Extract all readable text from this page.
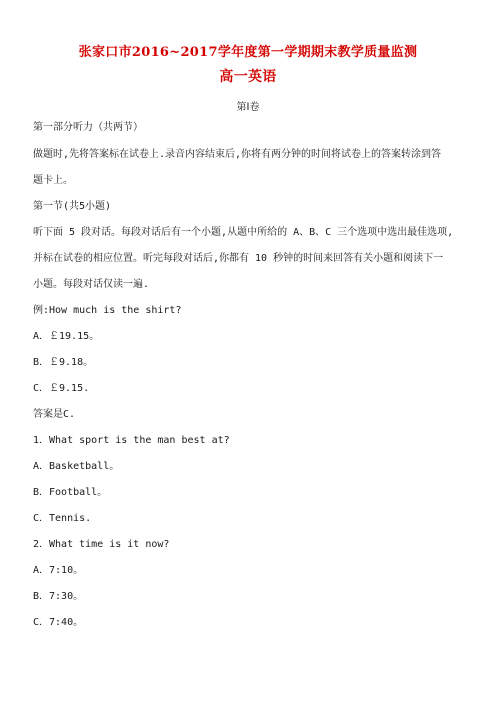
张家口市2016~2017学年度第一学期期末教学质量监测
高一英语
第Ⅰ卷
第一部分听力（共两节）
做题时,先将答案标在试卷上.录音内容结束后,你将有两分钟的时间将试卷上的答案转涂到答
题卡上。
第一节(共5小题)
听下面 5 段对话。每段对话后有一个小题,从题中所给的 A、B、C 三个选项中选出最佳选项,
并标在试卷的相应位置。听完每段对话后,你都有 10 秒钟的时间来回答有关小题和阅读下一
小题。每段对话仅读一遍.
例:How much is the shirt?
A．￡19.15。
B．￡9.18。
C．￡9.15.
答案是C.
1．What sport is the man best at?
A．Basketball。
B．Football。
C．Tennis.
2．What time is it now?
A．7:10。
B．7:30。
C．7:40。
